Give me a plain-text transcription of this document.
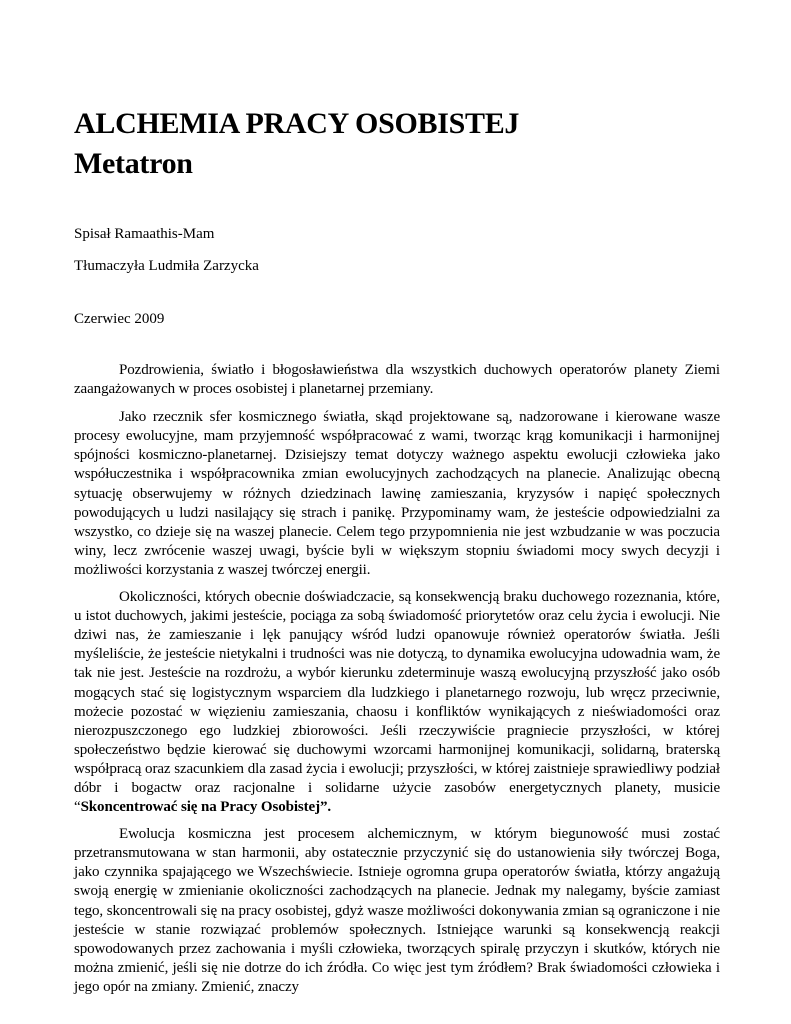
ALCHEMIA PRACY OSOBISTEJ
Metatron

Spisał Ramaathis-Mam

Tłumaczyła Ludmiła Zarzycka

Czerwiec 2009

Pozdrowienia, światło i błogosławieństwa dla wszystkich duchowych operatorów planety Ziemi zaangażowanych w proces osobistej i planetarnej przemiany.

Jako rzecznik sfer kosmicznego światła, skąd projektowane są, nadzorowane i kierowane wasze procesy ewolucyjne, mam przyjemność współpracować z wami, tworząc krąg komunikacji i harmonijnej spójności kosmiczno-planetarnej. Dzisiejszy temat dotyczy ważnego aspektu ewolucji człowieka jako współuczestnika i współpracownika zmian ewolucyjnych zachodzących na planecie. Analizując obecną sytuację obserwujemy w różnych dziedzinach lawinę zamieszania, kryzysów i napięć społecznych powodujących u ludzi nasilający się strach i panikę. Przypominamy wam, że jesteście odpowiedzialni za wszystko, co dzieje się na waszej planecie. Celem tego przypomnienia nie jest wzbudzanie w was poczucia winy, lecz zwrócenie waszej uwagi, byście byli w większym stopniu świadomi mocy swych decyzji i możliwości korzystania z waszej twórczej energii.

Okoliczności, których obecnie doświadczacie, są konsekwencją braku duchowego rozeznania, które, u istot duchowych, jakimi jesteście, pociąga za sobą świadomość priorytetów oraz celu życia i ewolucji. Nie dziwi nas, że zamieszanie i lęk panujący wśród ludzi opanowuje również operatorów światła. Jeśli myśleliście, że jesteście nietykalni i trudności was nie dotyczą, to dynamika ewolucyjna udowadnia wam, że tak nie jest. Jesteście na rozdrożu, a wybór kierunku zdeterminuje waszą ewolucyjną przyszłość jako osób mogących stać się logistycznym wsparciem dla ludzkiego i planetarnego rozwoju, lub wręcz przeciwnie, możecie pozostać w więzieniu zamieszania, chaosu i konfliktów wynikających z nieświadomości oraz nierozpuszczonego ego ludzkiej zbiorowości. Jeśli rzeczywiście pragniecie przyszłości, w której społeczeństwo będzie kierować się duchowymi wzorcami harmonijnej komunikacji, solidarną, braterską współpracą oraz szacunkiem dla zasad życia i ewolucji; przyszłości, w której zaistnieje sprawiedliwy podział dóbr i bogactw oraz racjonalne i solidarne użycie zasobów energetycznych planety, musicie “Skoncentrować się na Pracy Osobistej”.

Ewolucja kosmiczna jest procesem alchemicznym, w którym biegunowość musi zostać przetransmutowana w stan harmonii, aby ostatecznie przyczynić się do ustanowienia siły twórczej Boga, jako czynnika spajającego we Wszechświecie. Istnieje ogromna grupa operatorów światła, którzy angażują swoją energię w zmienianie okoliczności zachodzących na planecie. Jednak my nalegamy, byście zamiast tego, skoncentrowali się na pracy osobistej, gdyż wasze możliwości dokonywania zmian są ograniczone i nie jesteście w stanie rozwiązać problemów społecznych. Istniejące warunki są konsekwencją reakcji spowodowanych przez zachowania i myśli człowieka, tworzących spiralę przyczyn i skutków, których nie można zmienić, jeśli się nie dotrze do ich źródła. Co więc jest tym źródłem? Brak świadomości człowieka i jego opór na zmiany. Zmienić, znaczy
